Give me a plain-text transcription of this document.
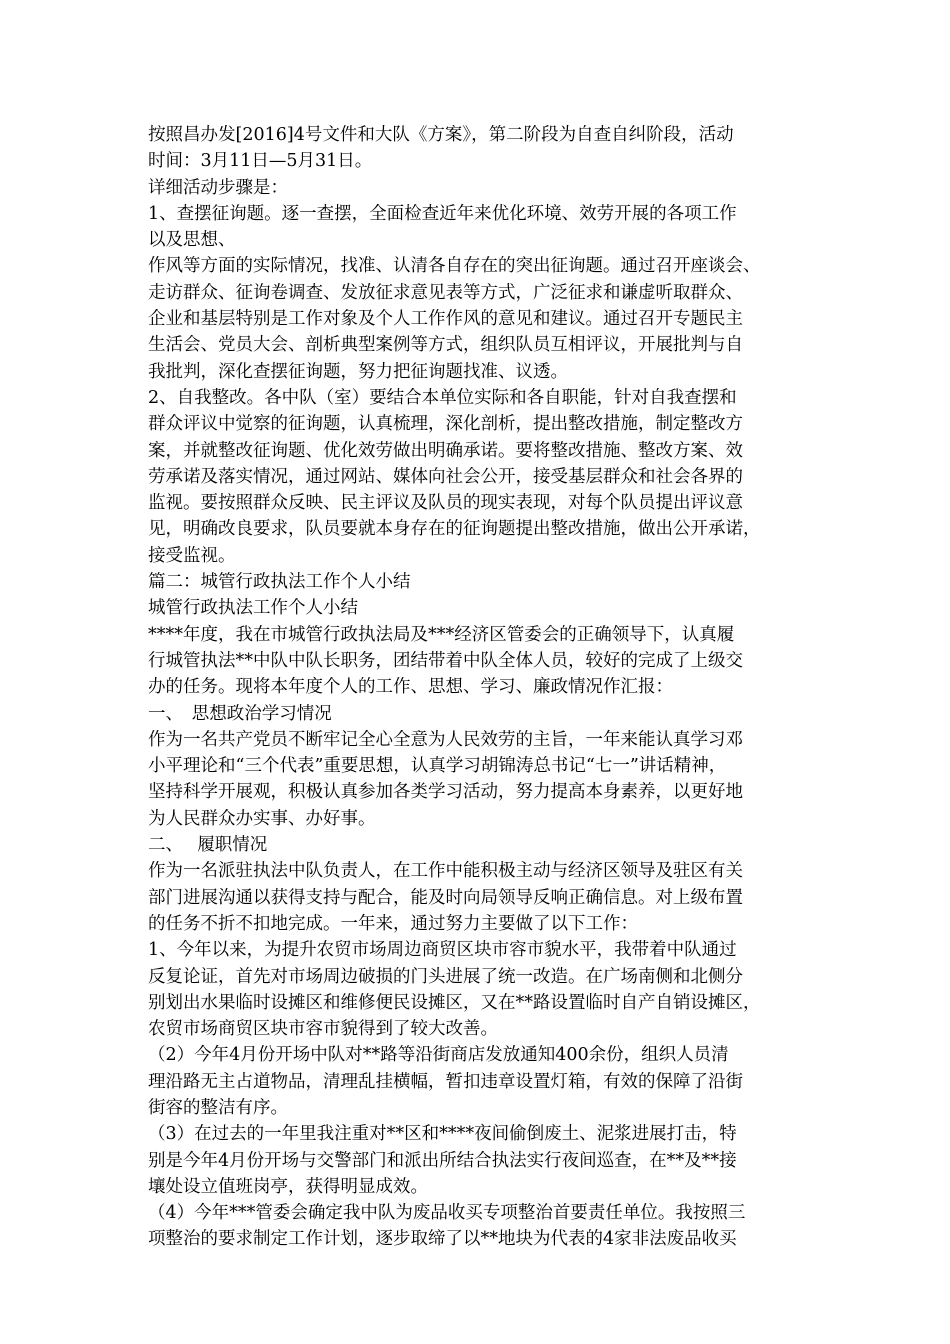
按照昌办发[2016]4号文件和大队《方案》，第二阶段为自查自纠阶段，活动
时间：3月11日—5月31日。
详细活动步骤是：
1、查摆征询题。逐一查摆，全面检查近年来优化环境、效劳开展的各项工作
以及思想、
作风等方面的实际情况，找准、认清各自存在的突出征询题。通过召开座谈会、
走访群众、征询卷调查、发放征求意见表等方式，广泛征求和谦虚听取群众、
企业和基层特别是工作对象及个人工作作风的意见和建议。通过召开专题民主
生活会、党员大会、剖析典型案例等方式，组织队员互相评议，开展批判与自
我批判，深化查摆征询题，努力把征询题找准、议透。
2、自我整改。各中队（室）要结合本单位实际和各自职能，针对自我查摆和
群众评议中觉察的征询题，认真梳理，深化剖析，提出整改措施，制定整改方
案，并就整改征询题、优化效劳做出明确承诺。要将整改措施、整改方案、效
劳承诺及落实情况，通过网站、媒体向社会公开，接受基层群众和社会各界的
监视。要按照群众反映、民主评议及队员的现实表现，对每个队员提出评议意
见，明确改良要求，队员要就本身存在的征询题提出整改措施，做出公开承诺，
接受监视。
篇二：城管行政执法工作个人小结
城管行政执法工作个人小结
****年度，我在市城管行政执法局及***经济区管委会的正确领导下，认真履
行城管执法**中队中队长职务，团结带着中队全体人员，较好的完成了上级交
办的任务。现将本年度个人的工作、思想、学习、廉政情况作汇报：
一、　思想政治学习情况
作为一名共产党员不断牢记全心全意为人民效劳的主旨，一年来能认真学习邓
小平理论和“三个代表”重要思想，认真学习胡锦涛总书记“七一”讲话精神，
坚持科学开展观，积极认真参加各类学习活动，努力提高本身素养，以更好地
为人民群众办实事、办好事。
二、　 履职情况
作为一名派驻执法中队负责人，在工作中能积极主动与经济区领导及驻区有关
部门进展沟通以获得支持与配合，能及时向局领导反响正确信息。对上级布置
的任务不折不扣地完成。一年来，通过努力主要做了以下工作：
1、今年以来，为提升农贸市场周边商贸区块市容市貌水平，我带着中队通过
反复论证，首先对市场周边破损的门头进展了统一改造。在广场南侧和北侧分
别划出水果临时设摊区和维修便民设摊区，又在**路设置临时自产自销设摊区，
农贸市场商贸区块市容市貌得到了较大改善。
（2）今年4月份开场中队对**路等沿街商店发放通知400余份，组织人员清
理沿路无主占道物品，清理乱挂横幅，暂扣违章设置灯箱，有效的保障了沿街
街容的整洁有序。
（3）在过去的一年里我注重对**区和****夜间偷倒废土、泥浆进展打击，特
别是今年4月份开场与交警部门和派出所结合执法实行夜间巡查，在**及**接
壤处设立值班岗亭，获得明显成效。
（4）今年***管委会确定我中队为废品收买专项整治首要责任单位。我按照三
项整治的要求制定工作计划，逐步取缔了以**地块为代表的4家非法废品收买
